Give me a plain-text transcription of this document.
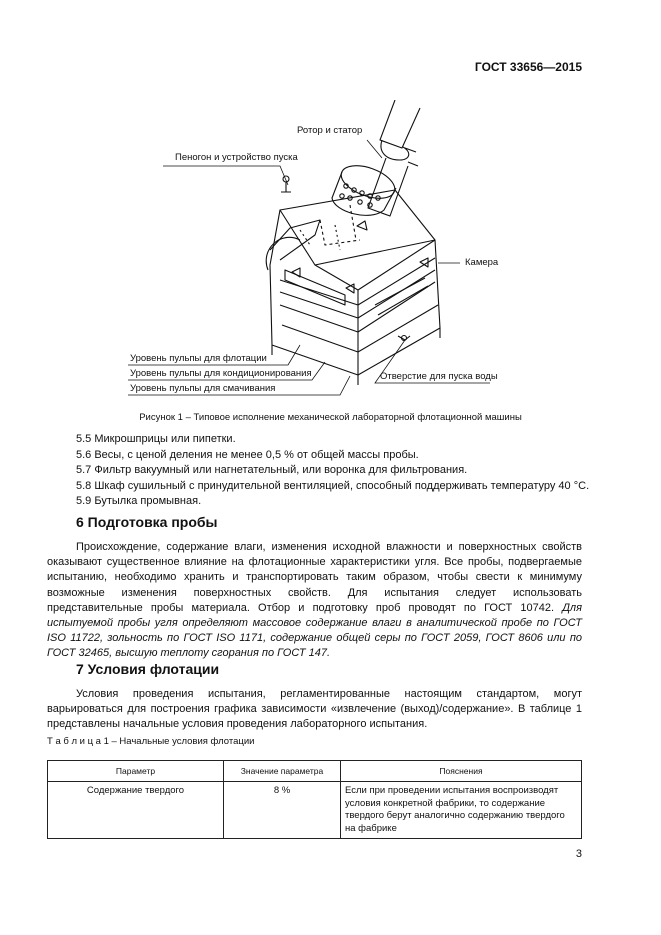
ГОСТ 33656—2015
Ротор и статор
Пеногон и устройство пуска
Камера
Уровень пульпы для флотации
Уровень пульпы для кондиционирования
Уровень пульпы для смачивания
Отверстие для пуска воды
Рисунок 1 – Типовое исполнение механической лабораторной флотационной машины
5.5 Микрошприцы или пипетки.
5.6 Весы, с ценой деления не менее 0,5 % от общей массы пробы.
5.7 Фильтр вакуумный или нагнетательный, или воронка для фильтрования.
5.8 Шкаф сушильный с принудительной вентиляцией, способный поддерживать температуру 40 °С.
5.9 Бутылка промывная.
6 Подготовка пробы

Происхождение, содержание влаги, изменения исходной влажности и поверхностных свойств оказывают существенное влияние на флотационные характеристики угля. Все пробы, подвергаемые испытанию, необходимо хранить и транспортировать таким образом, чтобы свести к минимуму возможные изменения поверхностных свойств. Для испытания следует использовать представительные пробы материала. Отбор и подготовку проб проводят по ГОСТ 10742. Для испытуемой пробы угля определяют массовое содержание влаги в аналитической пробе по ГОСТ ISO 11722, зольность по ГОСТ ISO 1171, содержание общей серы по ГОСТ 2059, ГОСТ 8606 или по ГОСТ 32465, высшую теплоту сгорания по ГОСТ 147.

7 Условия флотации

Условия проведения испытания, регламентированные настоящим стандартом, могут варьироваться для построения графика зависимости «извлечение (выход)/содержание». В таблице 1 представлены начальные условия проведения лабораторного испытания.

Т а б л и ц а 1 – Начальные условия флотации
Параметр	Значение параметра	Пояснения
Содержание твердого	8 %	Если при проведении испытания воспроизводят условия конкретной фабрики, то содержание твердого берут аналогично содержанию твердого на фабрике
3
